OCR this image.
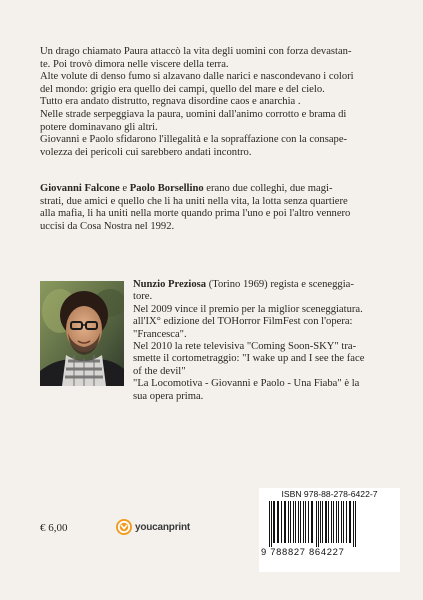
Un drago chiamato Paura attaccò la vita degli uomini con forza devastan-
te. Poi trovò dimora nelle viscere della terra.
Alte volute di denso fumo si alzavano dalle narici e nascondevano i colori
del mondo: grigio era quello dei campi, quello del mare e del cielo.
Tutto era andato distrutto, regnava disordine caos e anarchia .
Nelle strade serpeggiava la paura, uomini dall'animo corrotto e brama di
potere dominavano gli altri.
Giovanni e Paolo sfidarono l'illegalità e la sopraffazione con la consape-
volezza dei pericoli cui sarebbero andati incontro.
Giovanni Falcone e Paolo Borsellino erano due colleghi, due magi-
strati, due amici e quello che li ha uniti nella vita, la lotta senza quartiere
alla mafia, li ha uniti nella morte quando prima l'uno e poi l'altro vennero
uccisi da Cosa Nostra nel 1992.
Nunzio Preziosa (Torino 1969) regista e sceneggia-
tore.
Nel 2009 vince il premio per la miglior sceneggiatura.
all'IX° edizione del TOHorror FilmFest con l'opera:
"Francesca".
Nel 2010 la rete televisiva "Coming Soon-SKY" tra-
smette il cortometraggio: "I wake up and I see the face
of the devil"
"La Locomotiva - Giovanni e Paolo - Una Fiaba" è la
sua opera prima.
€ 6,00	youcanprint
ISBN 978-88-278-6422-7
9 788827 864227
